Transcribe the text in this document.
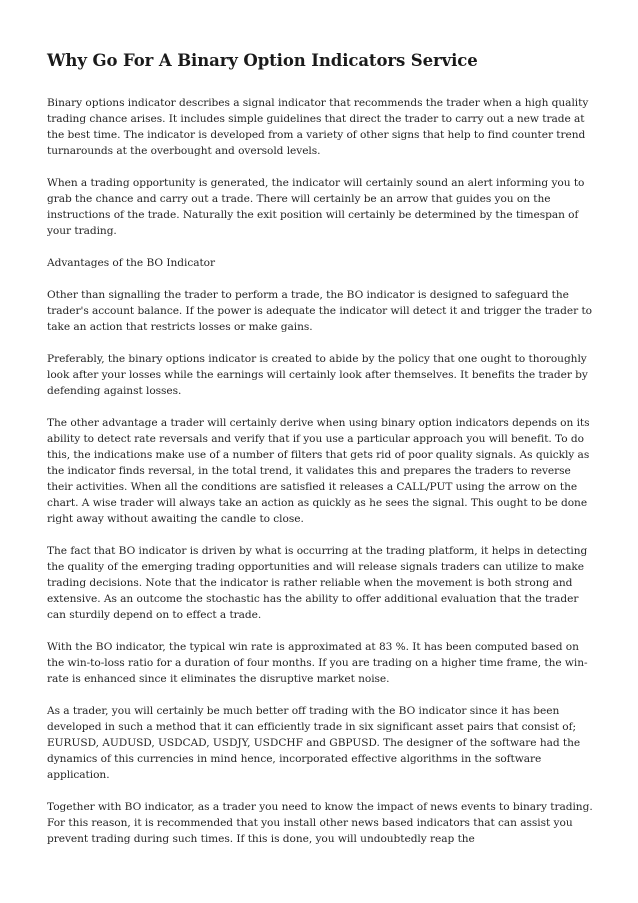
Why Go For A Binary Option Indicators Service

Binary options indicator describes a signal indicator that recommends the trader when a high quality trading chance arises. It includes simple guidelines that direct the trader to carry out a new trade at the best time. The indicator is developed from a variety of other signs that help to find counter trend turnarounds at the overbought and oversold levels.

When a trading opportunity is generated, the indicator will certainly sound an alert informing you to grab the chance and carry out a trade. There will certainly be an arrow that guides you on the instructions of the trade. Naturally the exit position will certainly be determined by the timespan of your trading.

Advantages of the BO Indicator

Other than signalling the trader to perform a trade, the BO indicator is designed to safeguard the trader's account balance. If the power is adequate the indicator will detect it and trigger the trader to take an action that restricts losses or make gains.

Preferably, the binary options indicator is created to abide by the policy that one ought to thoroughly look after your losses while the earnings will certainly look after themselves. It benefits the trader by defending against losses.

The other advantage a trader will certainly derive when using binary option indicators depends on its ability to detect rate reversals and verify that if you use a particular approach you will benefit. To do this, the indications make use of a number of filters that gets rid of poor quality signals. As quickly as the indicator finds reversal, in the total trend, it validates this and prepares the traders to reverse their activities. When all the conditions are satisfied it releases a CALL/PUT using the arrow on the chart. A wise trader will always take an action as quickly as he sees the signal. This ought to be done right away without awaiting the candle to close.

The fact that BO indicator is driven by what is occurring at the trading platform, it helps in detecting the quality of the emerging trading opportunities and will release signals traders can utilize to make trading decisions. Note that the indicator is rather reliable when the movement is both strong and extensive. As an outcome the stochastic has the ability to offer additional evaluation that the trader can sturdily depend on to effect a trade.

With the BO indicator, the typical win rate is approximated at 83 %. It has been computed based on the win-to-loss ratio for a duration of four months. If you are trading on a higher time frame, the win-rate is enhanced since it eliminates the disruptive market noise.

As a trader, you will certainly be much better off trading with the BO indicator since it has been developed in such a method that it can efficiently trade in six significant asset pairs that consist of; EURUSD, AUDUSD, USDCAD, USDJY, USDCHF and GBPUSD. The designer of the software had the dynamics of this currencies in mind hence, incorporated effective algorithms in the software application.

Together with BO indicator, as a trader you need to know the impact of news events to binary trading. For this reason, it is recommended that you install other news based indicators that can assist you prevent trading during such times. If this is done, you will undoubtedly reap the
